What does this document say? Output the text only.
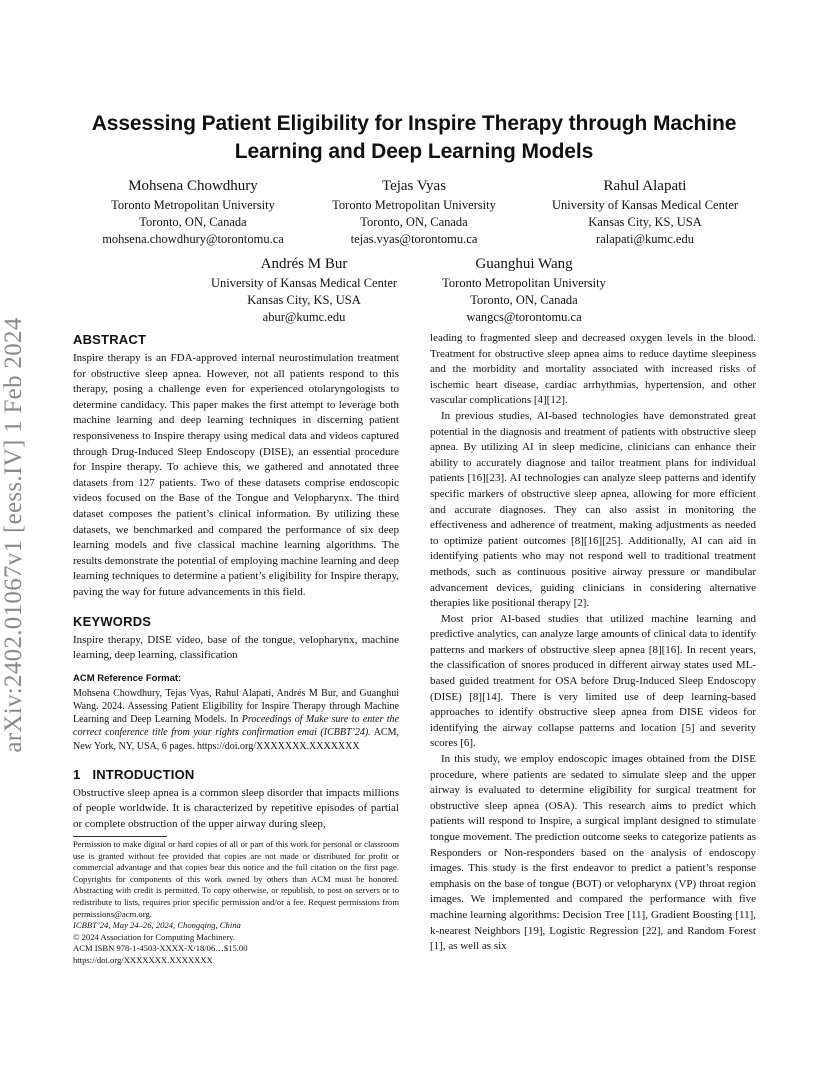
arXiv:2402.01067v1 [eess.IV] 1 Feb 2024
Assessing Patient Eligibility for Inspire Therapy through Machine
Learning and Deep Learning Models
Mohsena Chowdhury
Toronto Metropolitan University
Toronto, ON, Canada
mohsena.chowdhury@torontomu.ca
Tejas Vyas
Toronto Metropolitan University
Toronto, ON, Canada
tejas.vyas@torontomu.ca
Rahul Alapati
University of Kansas Medical Center
Kansas City, KS, USA
ralapati@kumc.edu
Andrés M Bur
University of Kansas Medical Center
Kansas City, KS, USA
abur@kumc.edu
Guanghui Wang
Toronto Metropolitan University
Toronto, ON, Canada
wangcs@torontomu.ca
ABSTRACT

Inspire therapy is an FDA-approved internal neurostimulation treatment for obstructive sleep apnea. However, not all patients respond to this therapy, posing a challenge even for experienced otolaryngologists to determine candidacy. This paper makes the first attempt to leverage both machine learning and deep learning techniques in discerning patient responsiveness to Inspire therapy using medical data and videos captured through Drug-Induced Sleep Endoscopy (DISE), an essential procedure for Inspire therapy. To achieve this, we gathered and annotated three datasets from 127 patients. Two of these datasets comprise endoscopic videos focused on the Base of the Tongue and Velopharynx. The third dataset composes the patient’s clinical information. By utilizing these datasets, we benchmarked and compared the performance of six deep learning models and five classical machine learning algorithms. The results demonstrate the potential of employing machine learning and deep learning techniques to determine a patient’s eligibility for Inspire therapy, paving the way for future advancements in this field.

KEYWORDS

Inspire therapy, DISE video, base of the tongue, velopharynx, machine learning, deep learning, classification

ACM Reference Format:

Mohsena Chowdhury, Tejas Vyas, Rahul Alapati, Andrés M Bur, and Guanghui Wang. 2024. Assessing Patient Eligibility for Inspire Therapy through Machine Learning and Deep Learning Models. In Proceedings of Make sure to enter the correct conference title from your rights confirmation emai (ICBBT’24). ACM, New York, NY, USA, 6 pages. https://doi.org/XXXXXXX.XXXXXXX

1 INTRODUCTION

Obstructive sleep apnea is a common sleep disorder that impacts millions of people worldwide. It is characterized by repetitive episodes of partial or complete obstruction of the upper airway during sleep,

Permission to make digital or hard copies of all or part of this work for personal or classroom use is granted without fee provided that copies are not made or distributed for profit or commercial advantage and that copies bear this notice and the full citation on the first page. Copyrights for components of this work owned by others than ACM must be honored. Abstracting with credit is permitted. To copy otherwise, or republish, to post on servers or to redistribute to lists, requires prior specific permission and/or a fee. Request permissions from permissions@acm.org.
ICBBT’24, May 24–26, 2024, Chongqing, China
© 2024 Association for Computing Machinery.
ACM ISBN 978-1-4503-XXXX-X/18/06…$15.00
https://doi.org/XXXXXXX.XXXXXXX

leading to fragmented sleep and decreased oxygen levels in the blood. Treatment for obstructive sleep apnea aims to reduce daytime sleepiness and the morbidity and mortality associated with increased risks of ischemic heart disease, cardiac arrhythmias, hypertension, and other vascular complications [4][12].

In previous studies, AI-based technologies have demonstrated great potential in the diagnosis and treatment of patients with obstructive sleep apnea. By utilizing AI in sleep medicine, clinicians can enhance their ability to accurately diagnose and tailor treatment plans for individual patients [16][23]. AI technologies can analyze sleep patterns and identify specific markers of obstructive sleep apnea, allowing for more efficient and accurate diagnoses. They can also assist in monitoring the effectiveness and adherence of treatment, making adjustments as needed to optimize patient outcomes [8][16][25]. Additionally, AI can aid in identifying patients who may not respond well to traditional treatment methods, such as continuous positive airway pressure or mandibular advancement devices, guiding clinicians in considering alternative therapies like positional therapy [2].

Most prior AI-based studies that utilized machine learning and predictive analytics, can analyze large amounts of clinical data to identify patterns and markers of obstructive sleep apnea [8][16]. In recent years, the classification of snores produced in different airway states used ML-based guided treatment for OSA before Drug-Induced Sleep Endoscopy (DISE) [8][14]. There is very limited use of deep learning-based approaches to identify obstructive sleep apnea from DISE videos for identifying the airway collapse patterns and location [5] and severity scores [6].

In this study, we employ endoscopic images obtained from the DISE procedure, where patients are sedated to simulate sleep and the upper airway is evaluated to determine eligibility for surgical treatment for obstructive sleep apnea (OSA). This research aims to predict which patients will respond to Inspire, a surgical implant designed to stimulate tongue movement. The prediction outcome seeks to categorize patients as Responders or Non-responders based on the analysis of endoscopy images. This study is the first endeavor to predict a patient’s response emphasis on the base of tongue (BOT) or velopharynx (VP) throat region images. We implemented and compared the performance with five machine learning algorithms: Decision Tree [11], Gradient Boosting [11], k-nearest Neighbors [19], Logistic Regression [22], and Random Forest [1], as well as six
